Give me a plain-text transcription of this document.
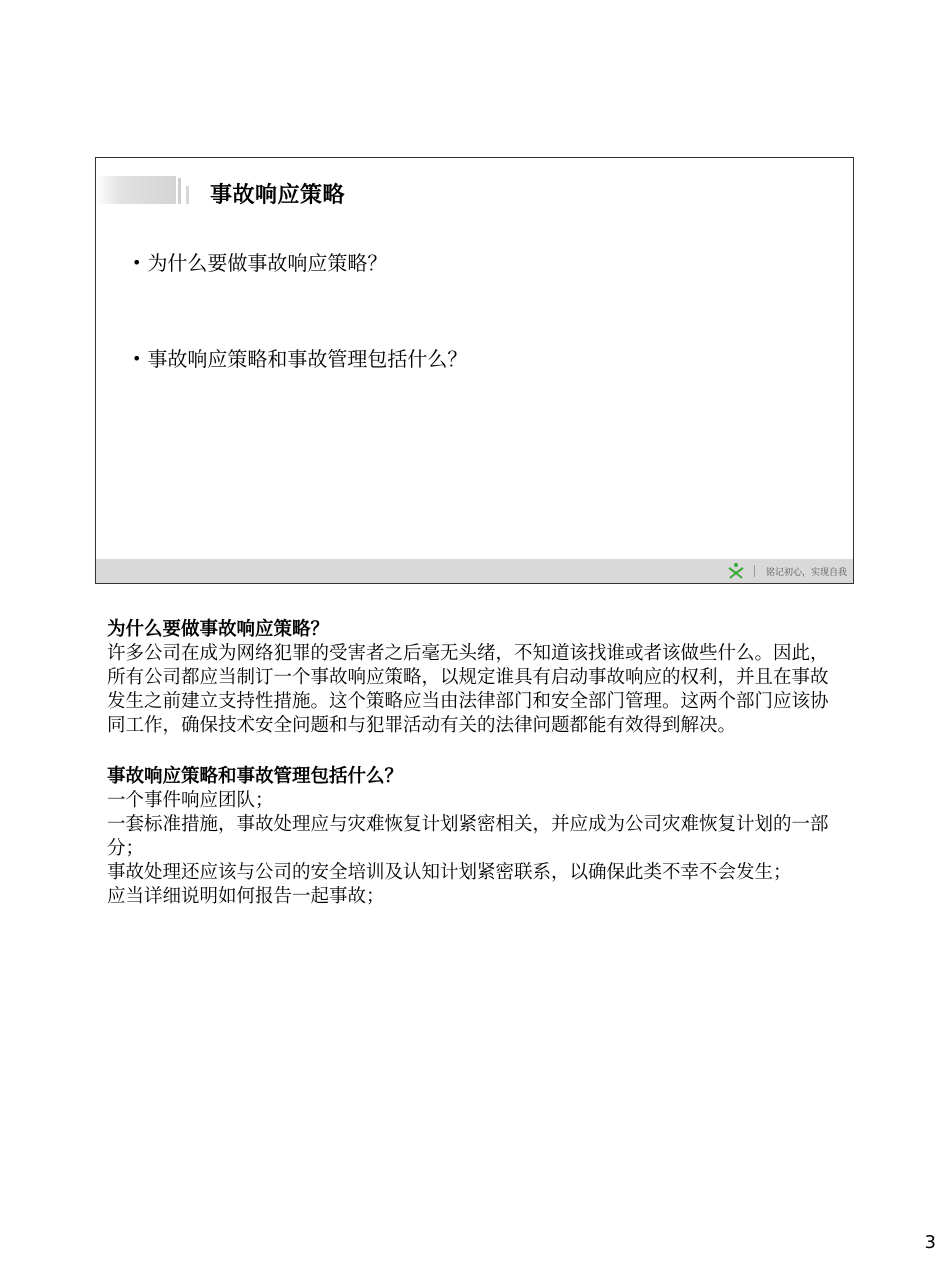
事故响应策略
• 为什么要做事故响应策略？
• 事故响应策略和事故管理包括什么？
铭记初心，实现自我

为什么要做事故响应策略？

许多公司在成为网络犯罪的受害者之后毫无头绪，不知道该找谁或者该做些什么。因此，所有公司都应当制订一个事故响应策略，以规定谁具有启动事故响应的权利，并且在事故发生之前建立支持性措施。这个策略应当由法律部门和安全部门管理。这两个部门应该协同工作，确保技术安全问题和与犯罪活动有关的法律问题都能有效得到解决。

事故响应策略和事故管理包括什么？

一个事件响应团队；

一套标准措施，事故处理应与灾难恢复计划紧密相关，并应成为公司灾难恢复计划的一部分；

事故处理还应该与公司的安全培训及认知计划紧密联系，以确保此类不幸不会发生；

应当详细说明如何报告一起事故；

3
